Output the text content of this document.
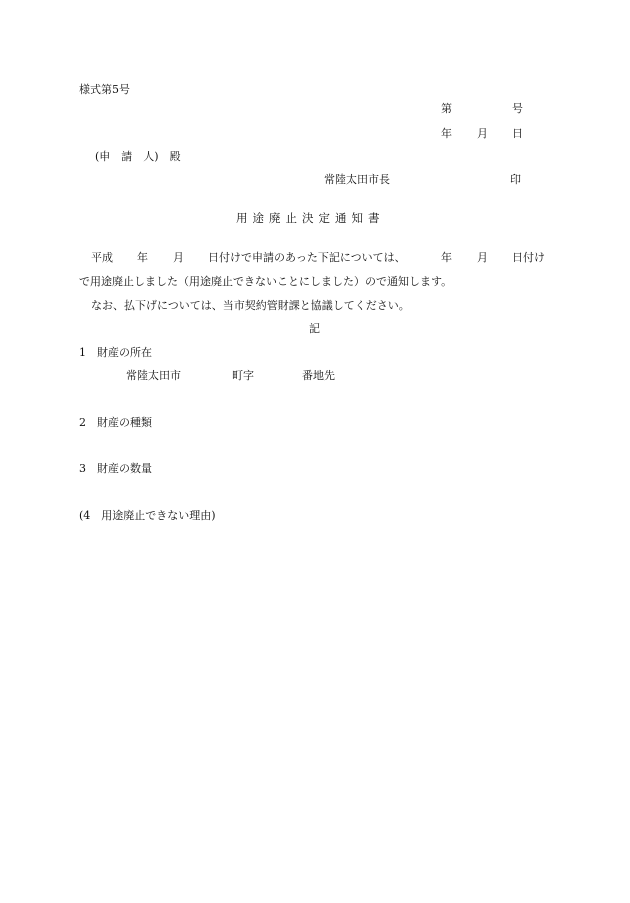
様式第5号
第	号
年 月 日
(申　請　人)　殿
常陸太田市長	印
用途廃止決定通知書
平成 年 月 日付けで申請のあった下記については、	年 月 日付け
で用途廃止しました（用途廃止できないことにしました）ので通知します。
なお、払下げについては、当市契約管財課と協議してください。
記
1　財産の所在
常陸太田市	町字	番地先
2　財産の種類
3　財産の数量
(4　用途廃止できない理由)
